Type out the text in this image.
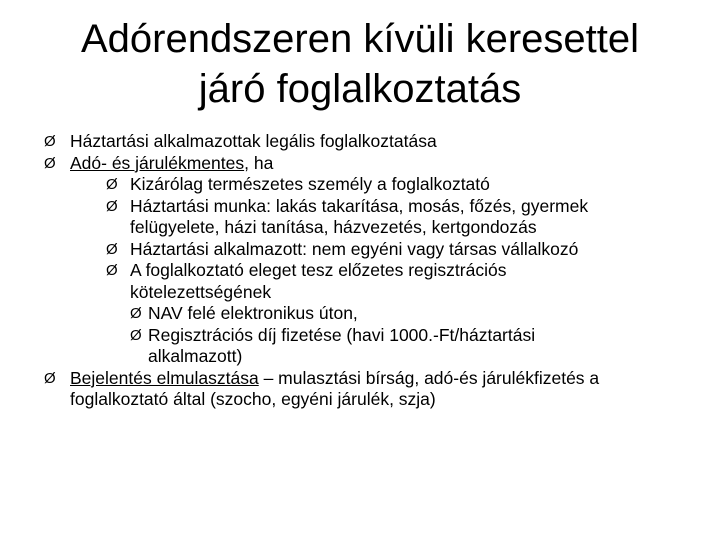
Adórendszeren kívüli keresettel
járó foglalkoztatás
Ø Háztartási alkalmazottak legális foglalkoztatása
Ø Adó- és járulékmentes, ha
Ø Kizárólag természetes személy a foglalkoztató
Ø Háztartási munka: lakás takarítása, mosás, főzés, gyermek
felügyelete, házi tanítása, házvezetés, kertgondozás
Ø Háztartási alkalmazott: nem egyéni vagy társas vállalkozó
Ø A foglalkoztató eleget tesz előzetes regisztrációs
kötelezettségének
Ø NAV felé elektronikus úton,
Ø Regisztrációs díj fizetése (havi 1000.-Ft/háztartási
alkalmazott)
Ø Bejelentés elmulasztása – mulasztási bírság, adó-és járulékfizetés a
foglalkoztató által (szocho, egyéni járulék, szja)
